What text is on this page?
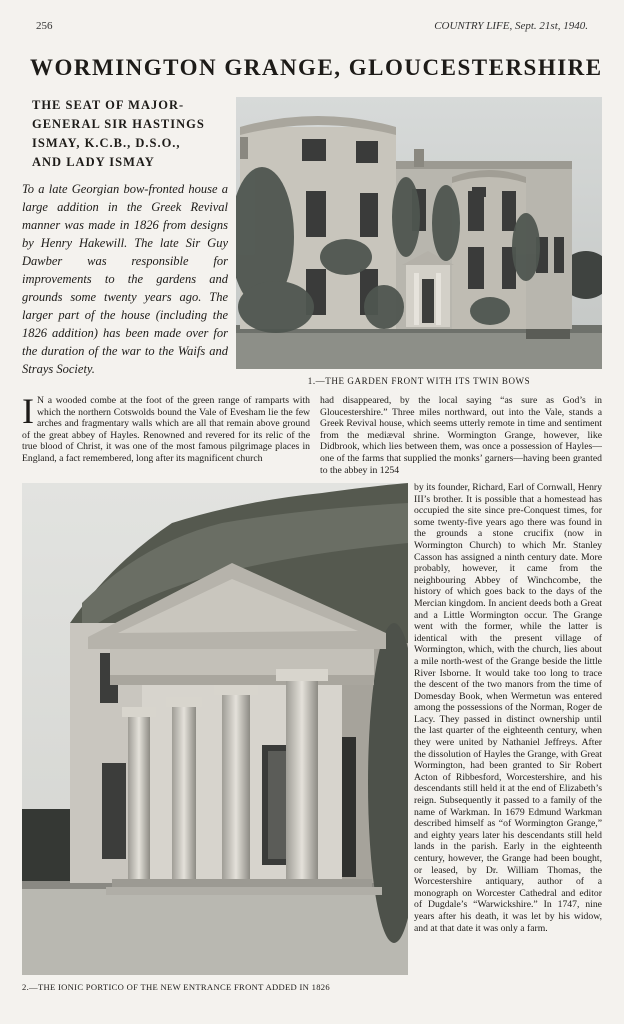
256	COUNTRY LIFE, Sept. 21st, 1940.
WORMINGTON GRANGE, GLOUCESTERSHIRE
THE SEAT OF MAJOR-
GENERAL SIR HASTINGS
ISMAY, K.C.B., D.S.O.,
AND LADY ISMAY

To a late Georgian bow-fronted house a large addition in the Greek Revival manner was made in 1826 from designs by Henry Hakewill. The late Sir Guy Dawber was responsible for improvements to the gardens and grounds some twenty years ago. The larger part of the house (including the 1826 addition) has been made over for the duration of the war to the Waifs and Strays Society.

1.—THE GARDEN FRONT WITH ITS TWIN BOWS
I N a wooded combe at the foot of the green range of ramparts with which the northern Cotswolds bound the Vale of Evesham lie the few arches and fragmentary walls which are all that remain above ground of the great abbey of Hayles. Renowned and revered for its relic of the true blood of Christ, it was one of the most famous pilgrimage places in England, a fact remembered, long after its magnificent church
had disappeared, by the local saying “as sure as God’s in Gloucestershire.” Three miles northward, out into the Vale, stands a Greek Revival house, which seems utterly remote in time and sentiment from the mediæval shrine. Wormington Grange, however, like Didbrook, which lies between them, was once a possession of Hayles—one of the farms that supplied the monks’ garners—having been granted to the abbey in 1254
by its founder, Richard, Earl of Cornwall, Henry III’s brother. It is possible that a homestead has occupied the site since pre-Conquest times, for some twenty-five years ago there was found in the grounds a stone crucifix (now in Wormington Church) to which Mr. Stanley Casson has assigned a ninth century date. More probably, however, it came from the neighbouring Abbey of Winchcombe, the history of which goes back to the days of the Mercian kingdom. In ancient deeds both a Great and a Little Wormington occur. The Grange went with the former, while the latter is identical with the present village of Wormington, which, with the church, lies about a mile north-west of the Grange beside the little River Isborne. It would take too long to trace the descent of the two manors from the time of Domesday Book, when Wermetun was entered among the possessions of the Norman, Roger de Lacy. They passed in distinct ownership until the last quarter of the eighteenth century, when they were united by Nathaniel Jeffreys. After the dissolution of Hayles the Grange, with Great Wormington, had been granted to Sir Robert Acton of Ribbesford, Worcestershire, and his descendants still held it at the end of Elizabeth’s reign. Subsequently it passed to a family of the name of Warkman. In 1679 Edmund Warkman described himself as “of Wormington Grange,” and eighty years later his descendants still held lands in the parish. Early in the eighteenth century, however, the Grange had been bought, or leased, by Dr. William Thomas, the Worcestershire antiquary, author of a monograph on Worcester Cathedral and editor of Dugdale’s “Warwickshire.” In 1747, nine years after his death, it was let by his widow, and at that date it was only a farm.
2.—THE IONIC PORTICO OF THE NEW ENTRANCE FRONT ADDED IN 1826
